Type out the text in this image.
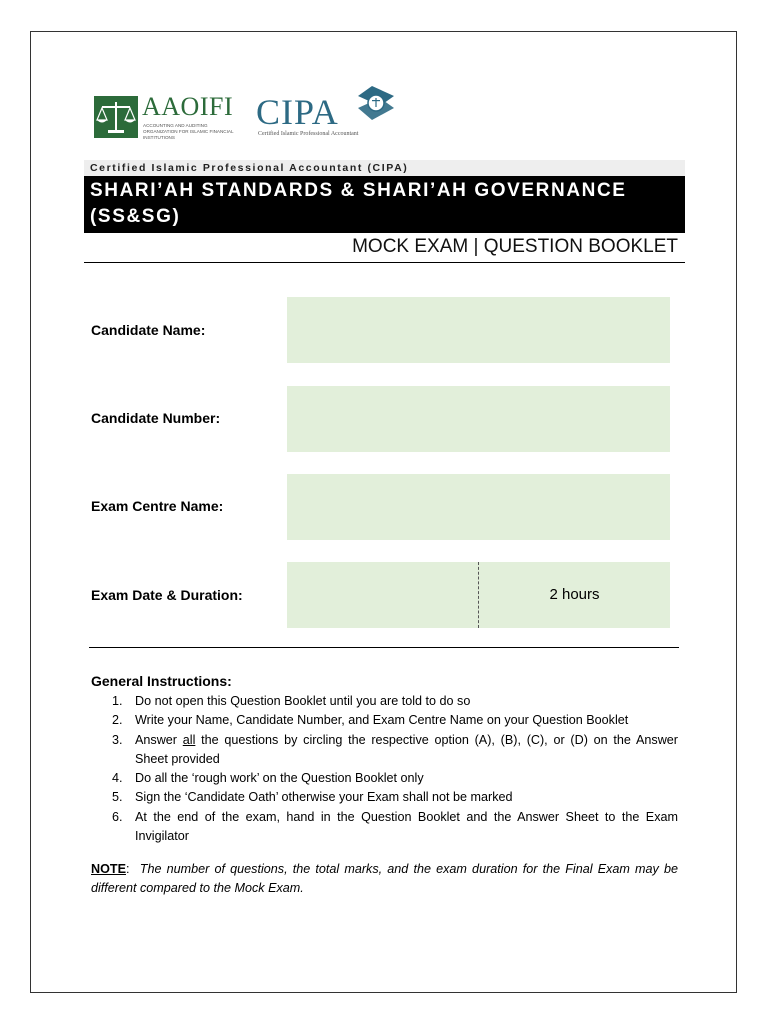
AAOIFI
ACCOUNTING AND AUDITING ORGANIZATION FOR ISLAMIC FINANCIAL INSTITUTIONS
CIPA
Certified Islamic Professional Accountant
Certified Islamic Professional Accountant (CIPA)
SHARI’AH STANDARDS & SHARI’AH GOVERNANCE (SS&SG)
MOCK EXAM | QUESTION BOOKLET
Candidate Name:
Candidate Number:
Exam Centre Name:
Exam Date & Duration:	2 hours
General Instructions:
1. Do not open this Question Booklet until you are told to do so
2. Write your Name, Candidate Number, and Exam Centre Name on your Question Booklet
3. Answer all the questions by circling the respective option (A), (B), (C), or (D) on the Answer Sheet provided
4. Do all the ‘rough work’ on the Question Booklet only
5. Sign the ‘Candidate Oath’ otherwise your Exam shall not be marked
6. At the end of the exam, hand in the Question Booklet and the Answer Sheet to the Exam Invigilator
NOTE:  The number of questions, the total marks, and the exam duration for the Final Exam may be different compared to the Mock Exam.
